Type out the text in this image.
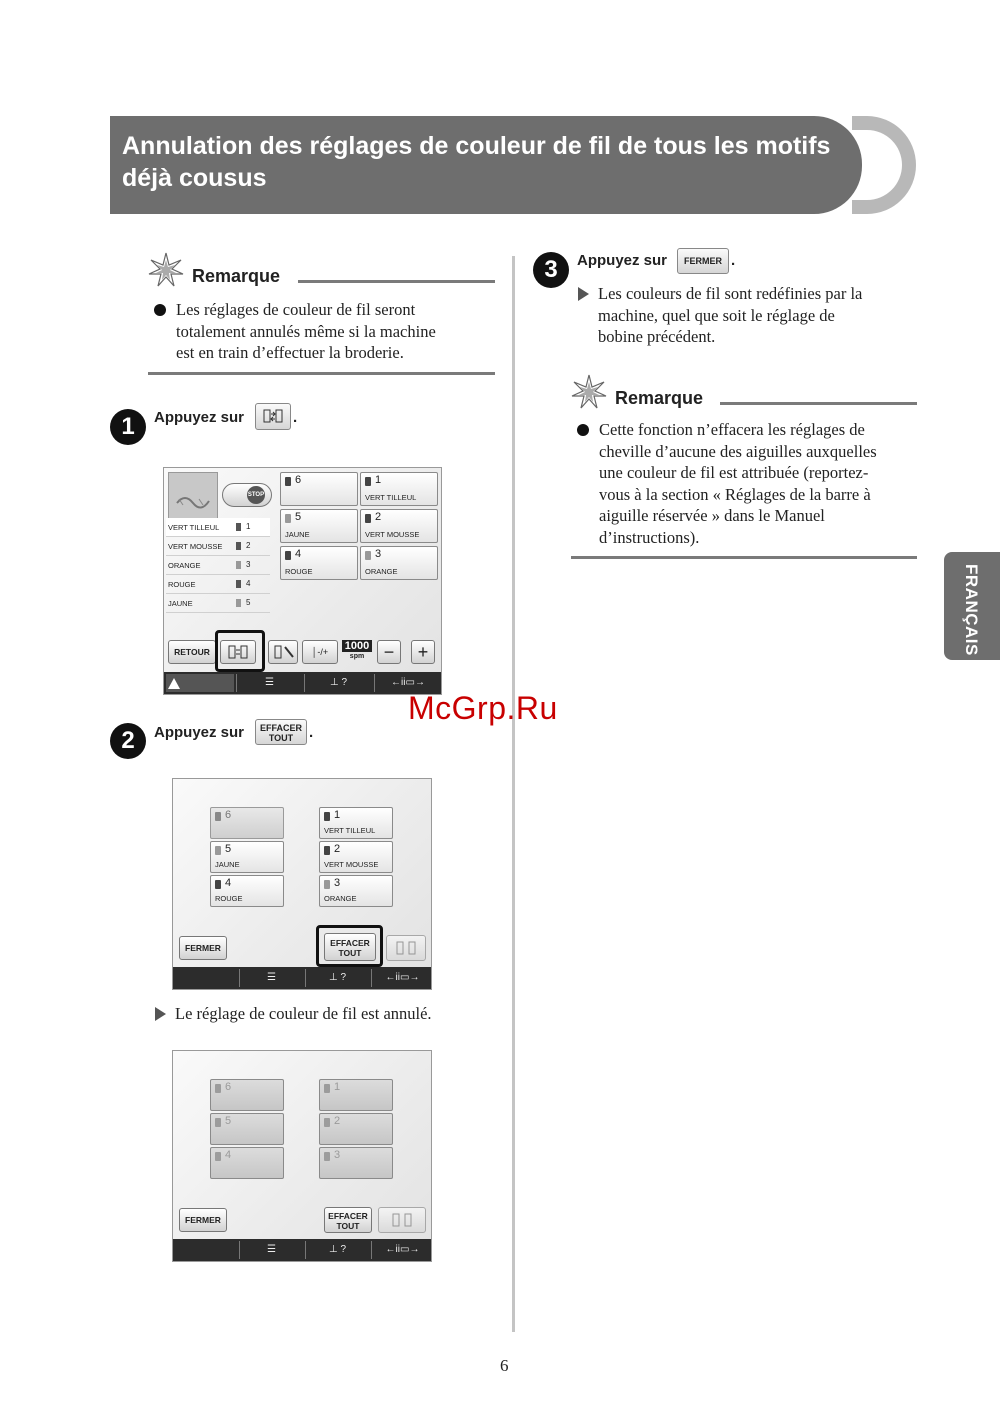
Annulation des réglages de couleur de fil de tous les motifs déjà cousus
Remarque
Les réglages de couleur de fil seront
totalement annulés même si la machine
est en train d’effectuer la broderie.
1	Appuyez sur	.
STOP
VERT TILLEUL	1
VERT MOUSSE	2
ORANGE	3
ROUGE	4
JAUNE	5
6	1
VERT TILLEUL
5
JAUNE
2
VERT MOUSSE
4
ROUGE
3
ORANGE
RETOUR	│-/+	1000
spm	−	+
VERROUILLAGE
☰	⊥ ?	←ii▭→
2	Appuyez sur	EFFACER
TOUT	.
6	1
VERT TILLEUL
5
JAUNE
2
VERT MOUSSE
4
ROUGE
3
ORANGE
FERMER	EFFACER
TOUT
☰	⊥ ?	←ii▭→
Le réglage de couleur de fil est annulé.
6	1
5	2
4	3
FERMER	EFFACER
TOUT
☰	⊥ ?	←ii▭→
3	Appuyez sur	FERMER .
Les couleurs de fil sont redéfinies par la
machine, quel que soit le réglage de
bobine précédent.
Remarque
Cette fonction n’effacera les réglages de
cheville d’aucune des aiguilles auxquelles
une couleur de fil est attribuée (reportez-
vous à la section « Réglages de la barre à
aiguille réservée » dans le Manuel
d’instructions).
FRANÇAIS
McGrp.Ru
6
